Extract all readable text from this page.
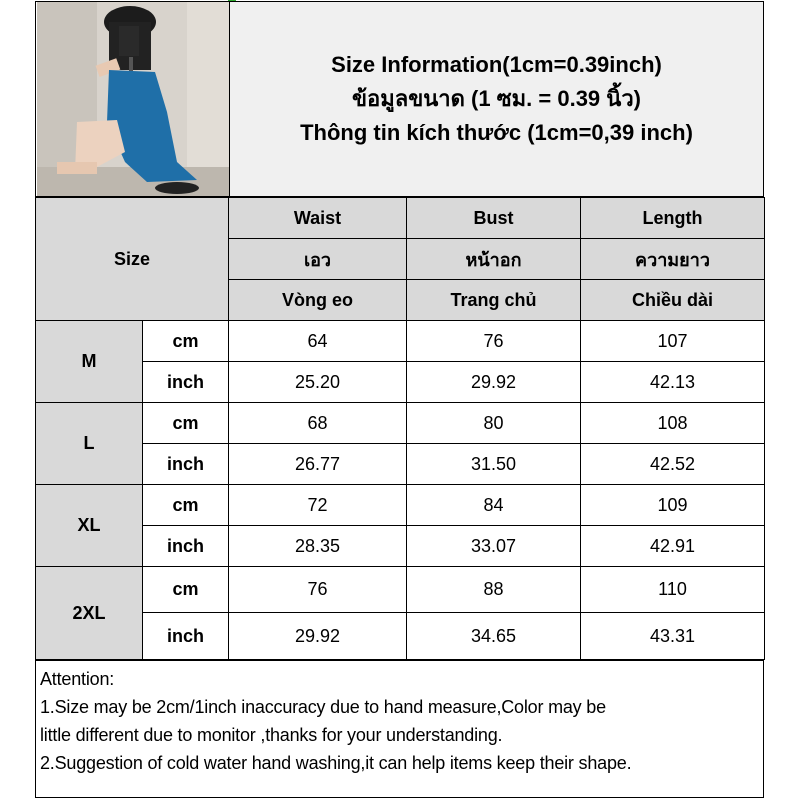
Size Information(1cm=0.39inch)
ข้อมูลขนาด (1 ซม. = 0.39 นิ้ว)
Thông tin kích thước (1cm=0,39 inch)
Size		Waist	Bust	Length
		เอว	หน้าอก	ความยาว
		Vòng eo	Trang chủ	Chiều dài
M	cm	64	76	107
	inch	25.20	29.92	42.13
L	cm	68	80	108
	inch	26.77	31.50	42.52
XL	cm	72	84	109
	inch	28.35	33.07	42.91
2XL	cm	76	88	110
	inch	29.92	34.65	43.31
Attention:
1.Size may be 2cm/1inch inaccuracy due to hand measure,Color may be
little different due to monitor ,thanks for your understanding.
2.Suggestion of cold water hand washing,it can help items keep their shape.
